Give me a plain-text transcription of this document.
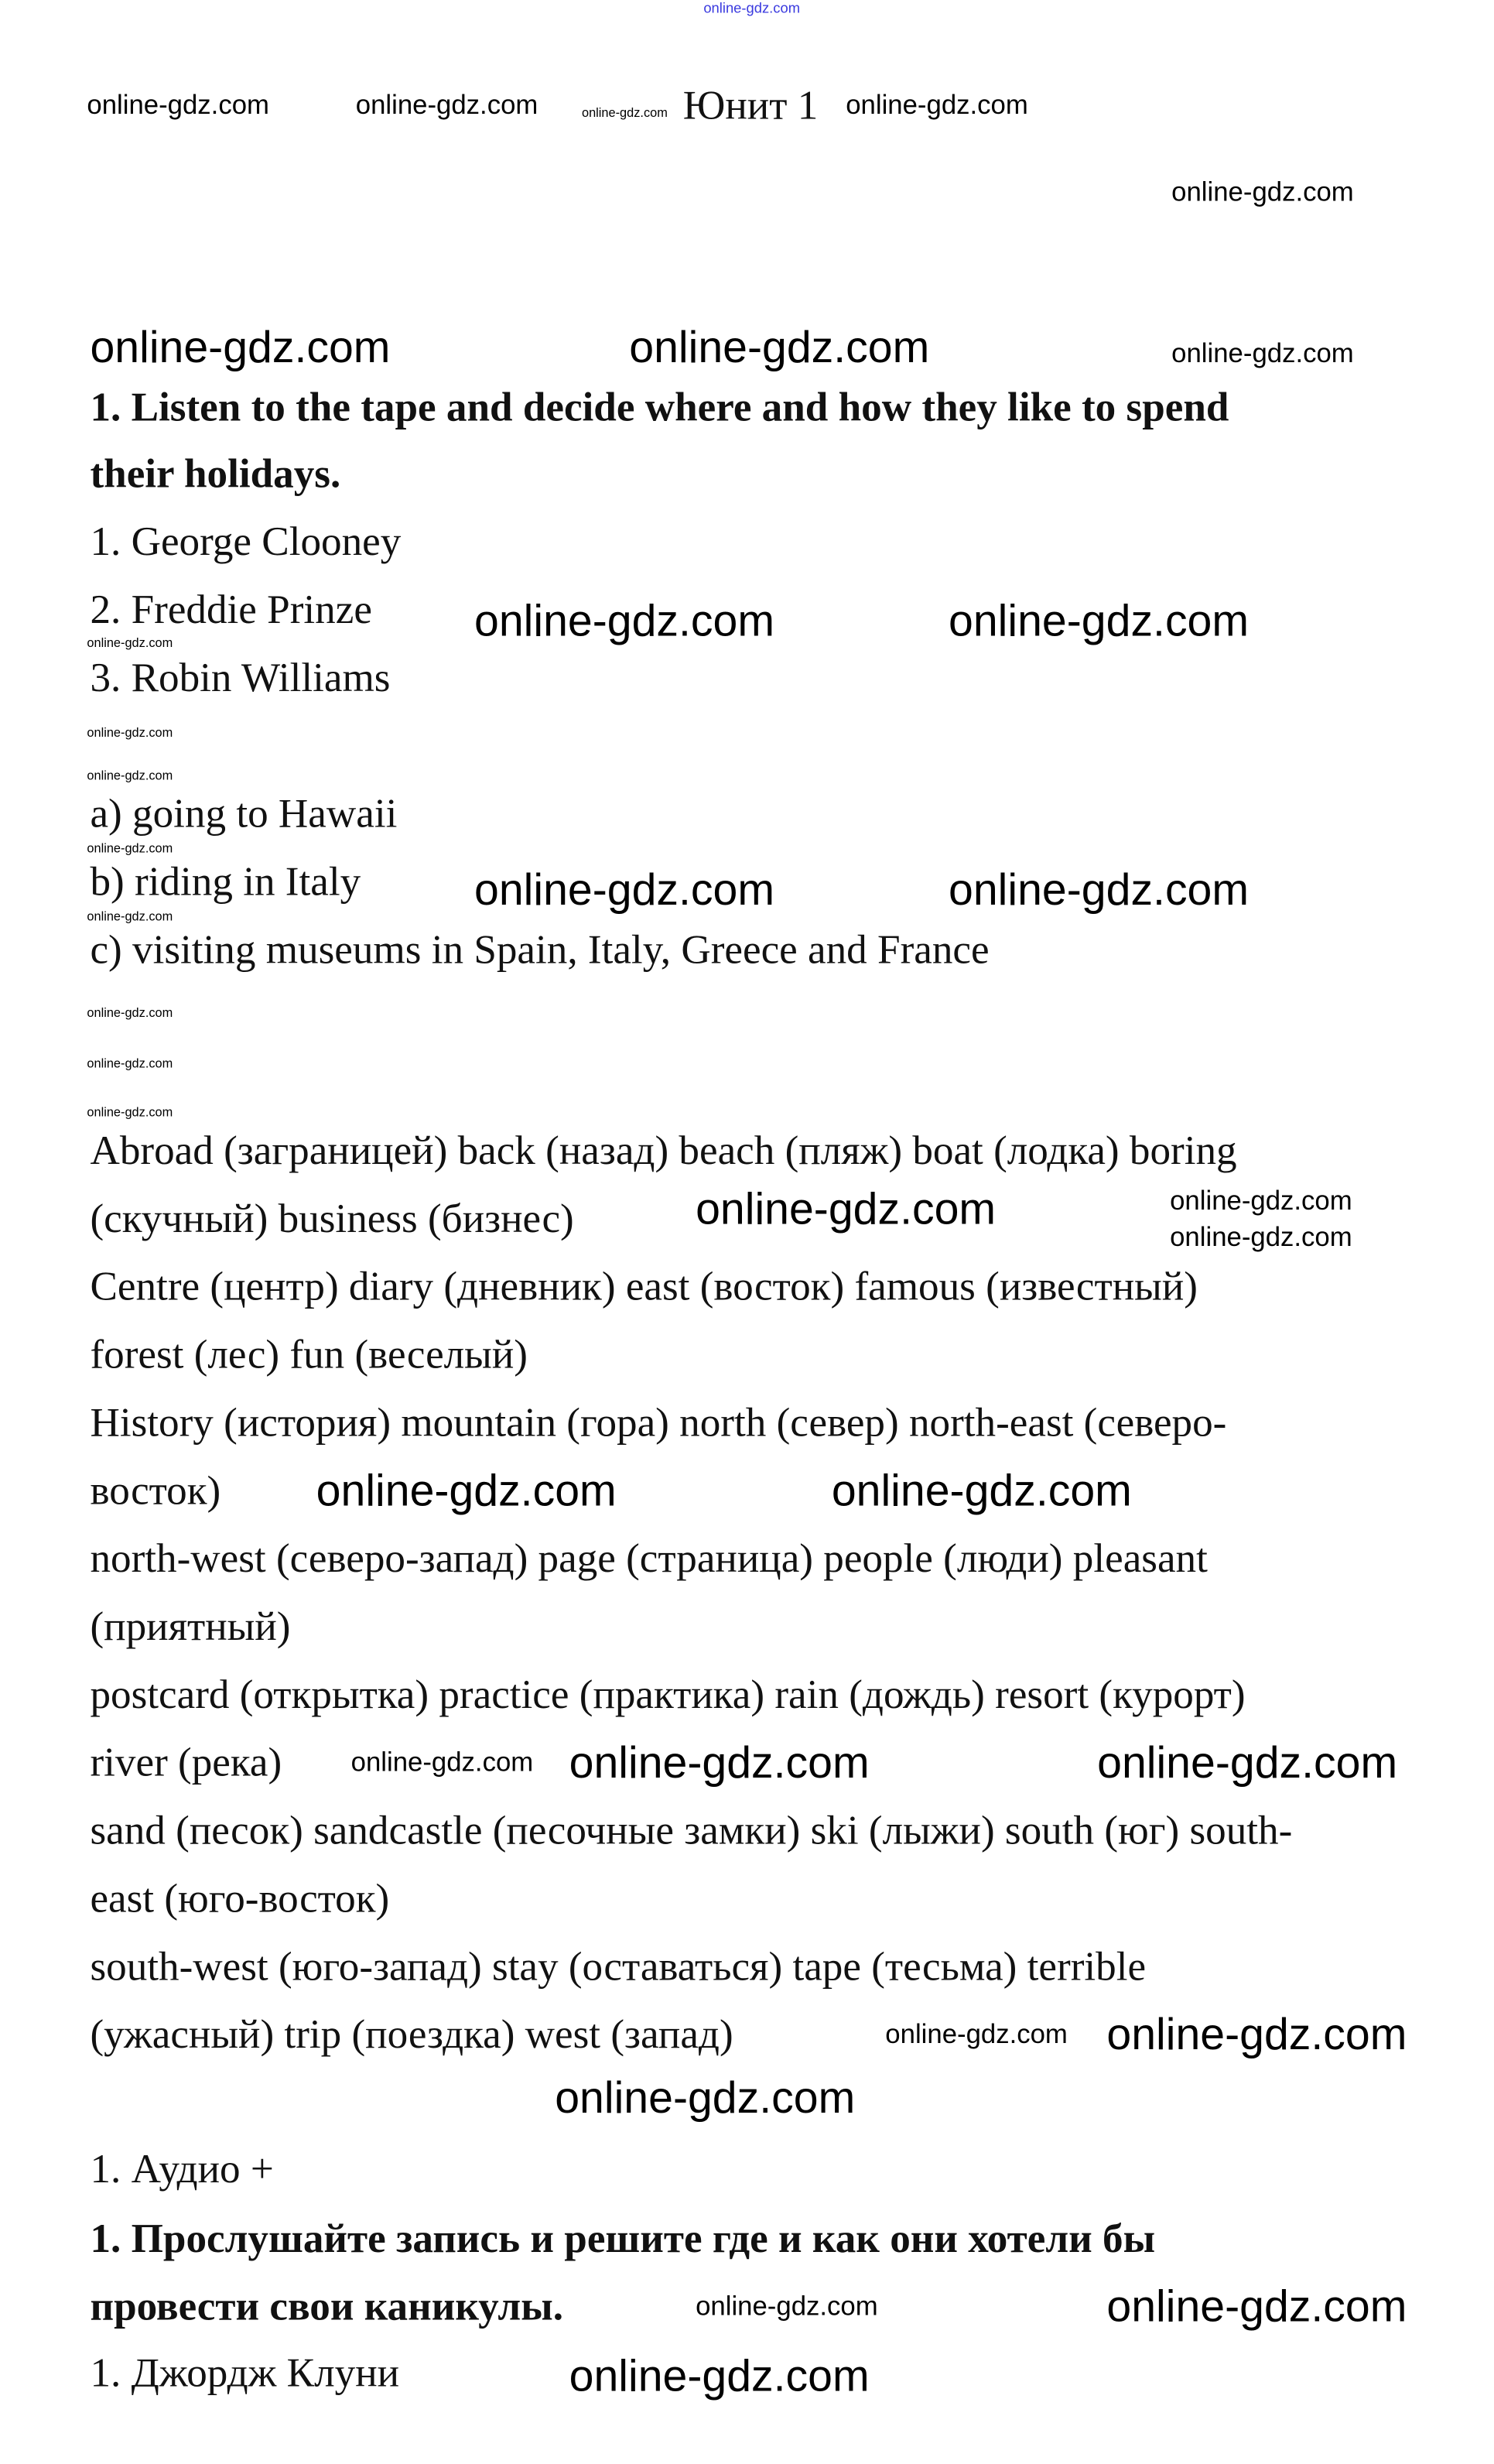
online-gdz.com
online-gdz.com	online-gdz.com	online-gdz.com Юнит 1 online-gdz.com
online-gdz.com
online-gdz.com	online-gdz.com	online-gdz.com
1. Listen to the tape and decide where and how they like to spend
their holidays.
1. George Clooney
2. Freddie Prinze	online-gdz.com	online-gdz.com
online-gdz.com
3. Robin Williams
online-gdz.com
online-gdz.com
a) going to Hawaii
online-gdz.com
b) riding in Italy	online-gdz.com	online-gdz.com
online-gdz.com
c) visiting museums in Spain, Italy, Greece and France
online-gdz.com
online-gdz.com
online-gdz.com
Abroad (заграницей) back (назад) beach (пляж) boat (лодка) boring
(скучный) business (бизнес)	online-gdz.com	online-gdz.com
online-gdz.com
Centre (центр) diary (дневник) east (восток) famous (известный)
forest (лес) fun (веселый)
History (история) mountain (гора) north (север) north-east (северо-
восток)	online-gdz.com	online-gdz.com
north-west (северо-запад) page (страница) people (люди) pleasant
(приятный)
postcard (открытка) practice (практика) rain (дождь) resort (курорт)
river (река)	online-gdz.com online-gdz.com	online-gdz.com
sand (песок) sandcastle (песочные замки) ski (лыжи) south (юг) south-
east (юго-восток)
south-west (юго-запад) stay (оставаться) tape (тесьма) terrible
(ужасный) trip (поездка) west (запад)	online-gdz.com online-gdz.com
online-gdz.com
1. Аудио +
1. Прослушайте запись и решите где и как они хотели бы
провести свои каникулы.	online-gdz.com	online-gdz.com
1. Джордж Клуни	online-gdz.com
